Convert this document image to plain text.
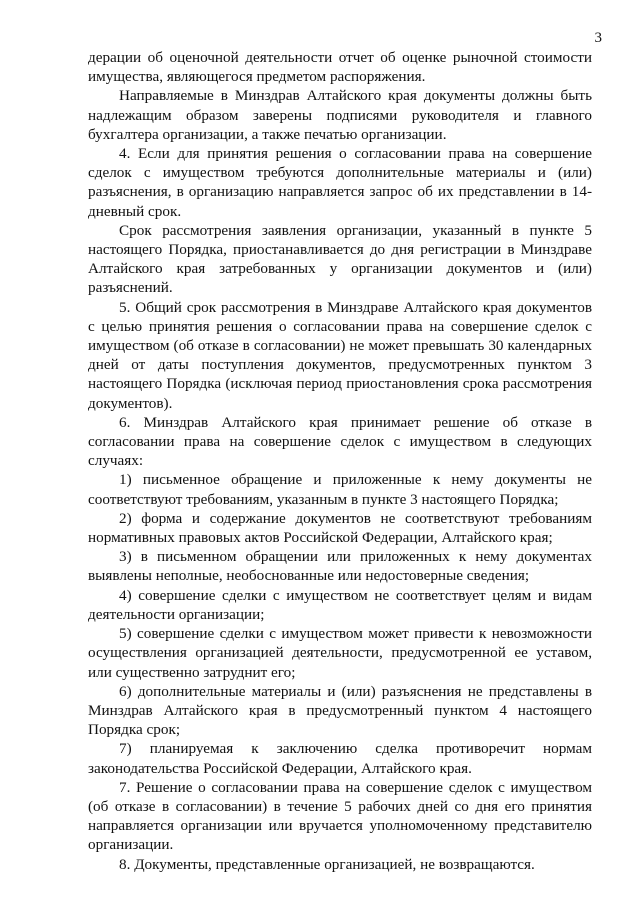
3

дерации об оценочной деятельности отчет об оценке рыночной стоимости имущества, являющегося предметом распоряжения.

Направляемые в Минздрав Алтайского края документы должны быть надлежащим образом заверены подписями руководителя и главного бухгалтера организации, а также печатью организации.

4. Если для принятия решения о согласовании права на совершение сделок с имуществом требуются дополнительные материалы и (или) разъяснения, в организацию направляется запрос об их представлении в 14-дневный срок.

Срок рассмотрения заявления организации, указанный в пункте 5 настоящего Порядка, приостанавливается до дня регистрации в Минздраве Алтайского края затребованных у организации документов и (или) разъяснений.

5. Общий срок рассмотрения в Минздраве Алтайского края документов с целью принятия решения о согласовании права на совершение сделок с имуществом (об отказе в согласовании) не может превышать 30 календарных дней от даты поступления документов, предусмотренных пунктом 3 настоящего Порядка (исключая период приостановления срока рассмотрения документов).

6. Минздрав Алтайского края принимает решение об отказе в согласовании права на совершение сделок с имуществом в следующих случаях:

1) письменное обращение и приложенные к нему документы не соответствуют требованиям, указанным в пункте 3 настоящего Порядка;

2) форма и содержание документов не соответствуют требованиям нормативных правовых актов Российской Федерации, Алтайского края;

3) в письменном обращении или приложенных к нему документах выявлены неполные, необоснованные или недостоверные сведения;

4) совершение сделки с имуществом не соответствует целям и видам деятельности организации;

5) совершение сделки с имуществом может привести к невозможности осуществления организацией деятельности, предусмотренной ее уставом, или существенно затруднит его;

6) дополнительные материалы и (или) разъяснения не представлены в Минздрав Алтайского края в предусмотренный пунктом 4 настоящего Порядка срок;

7) планируемая к заключению сделка противоречит нормам законодательства Российской Федерации, Алтайского края.

7. Решение о согласовании права на совершение сделок с имуществом (об отказе в согласовании) в течение 5 рабочих дней со дня его принятия направляется организации или вручается уполномоченному представителю организации.

8. Документы, представленные организацией, не возвращаются.
